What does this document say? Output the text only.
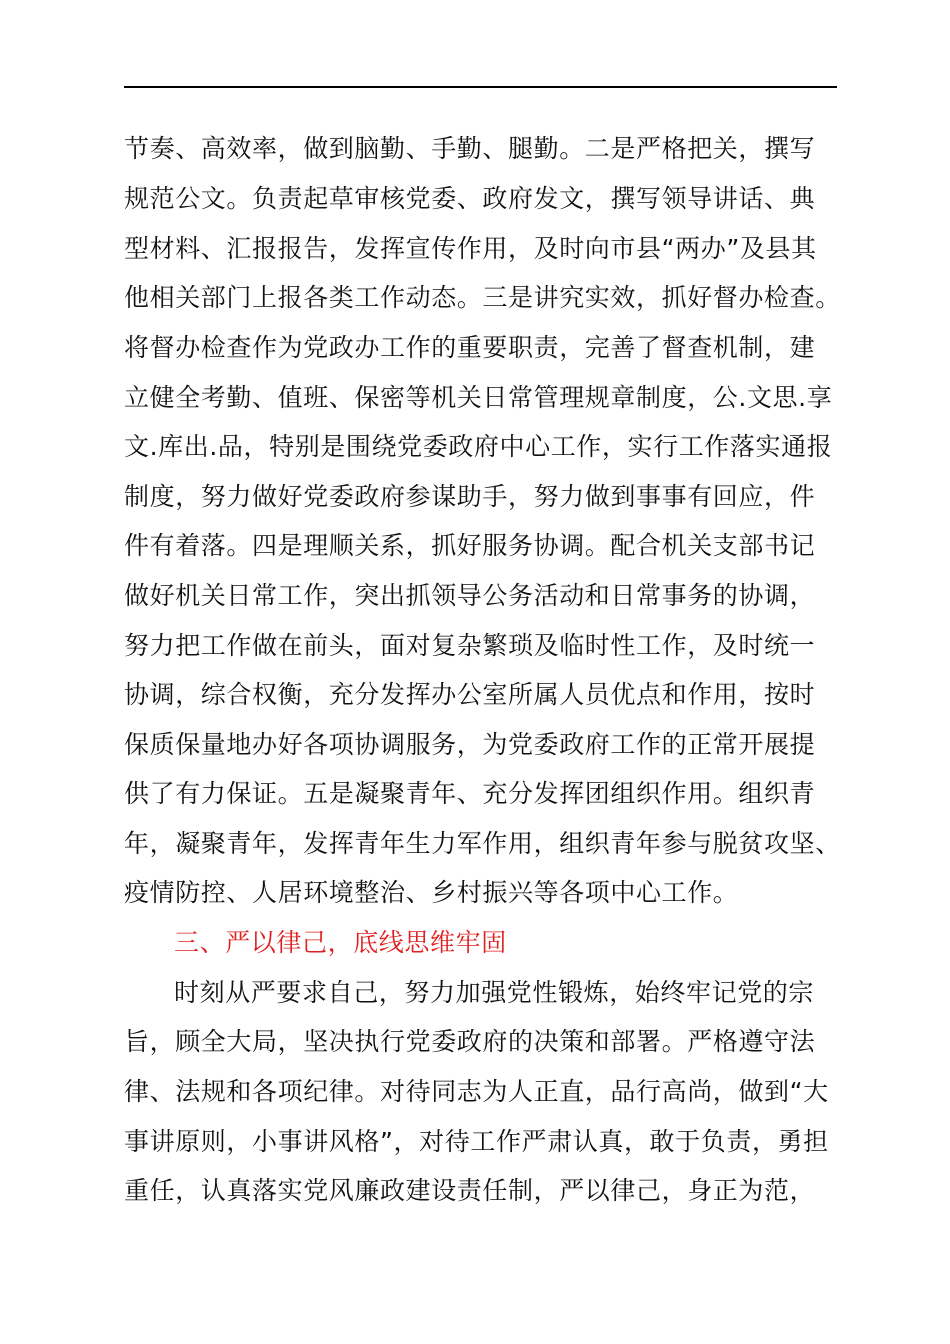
节奏、高效率，做到脑勤、手勤、腿勤。二是严格把关，撰写
规范公文。负责起草审核党委、政府发文，撰写领导讲话、典
型材料、汇报报告，发挥宣传作用，及时向市县“两办”及县其
他相关部门上报各类工作动态。三是讲究实效，抓好督办检查。
将督办检查作为党政办工作的重要职责，完善了督查机制，建
立健全考勤、值班、保密等机关日常管理规章制度，公.文思.享
文.库出.品，特别是围绕党委政府中心工作，实行工作落实通报
制度，努力做好党委政府参谋助手，努力做到事事有回应，件
件有着落。四是理顺关系，抓好服务协调。配合机关支部书记
做好机关日常工作，突出抓领导公务活动和日常事务的协调，
努力把工作做在前头，面对复杂繁琐及临时性工作，及时统一
协调，综合权衡，充分发挥办公室所属人员优点和作用，按时
保质保量地办好各项协调服务，为党委政府工作的正常开展提
供了有力保证。五是凝聚青年、充分发挥团组织作用。组织青
年，凝聚青年，发挥青年生力军作用，组织青年参与脱贫攻坚、
疫情防控、人居环境整治、乡村振兴等各项中心工作。
三、严以律己，底线思维牢固
时刻从严要求自己，努力加强党性锻炼，始终牢记党的宗
旨，顾全大局，坚决执行党委政府的决策和部署。严格遵守法
律、法规和各项纪律。对待同志为人正直，品行高尚，做到“大
事讲原则，小事讲风格”，对待工作严肃认真，敢于负责，勇担
重任，认真落实党风廉政建设责任制，严以律己，身正为范，
